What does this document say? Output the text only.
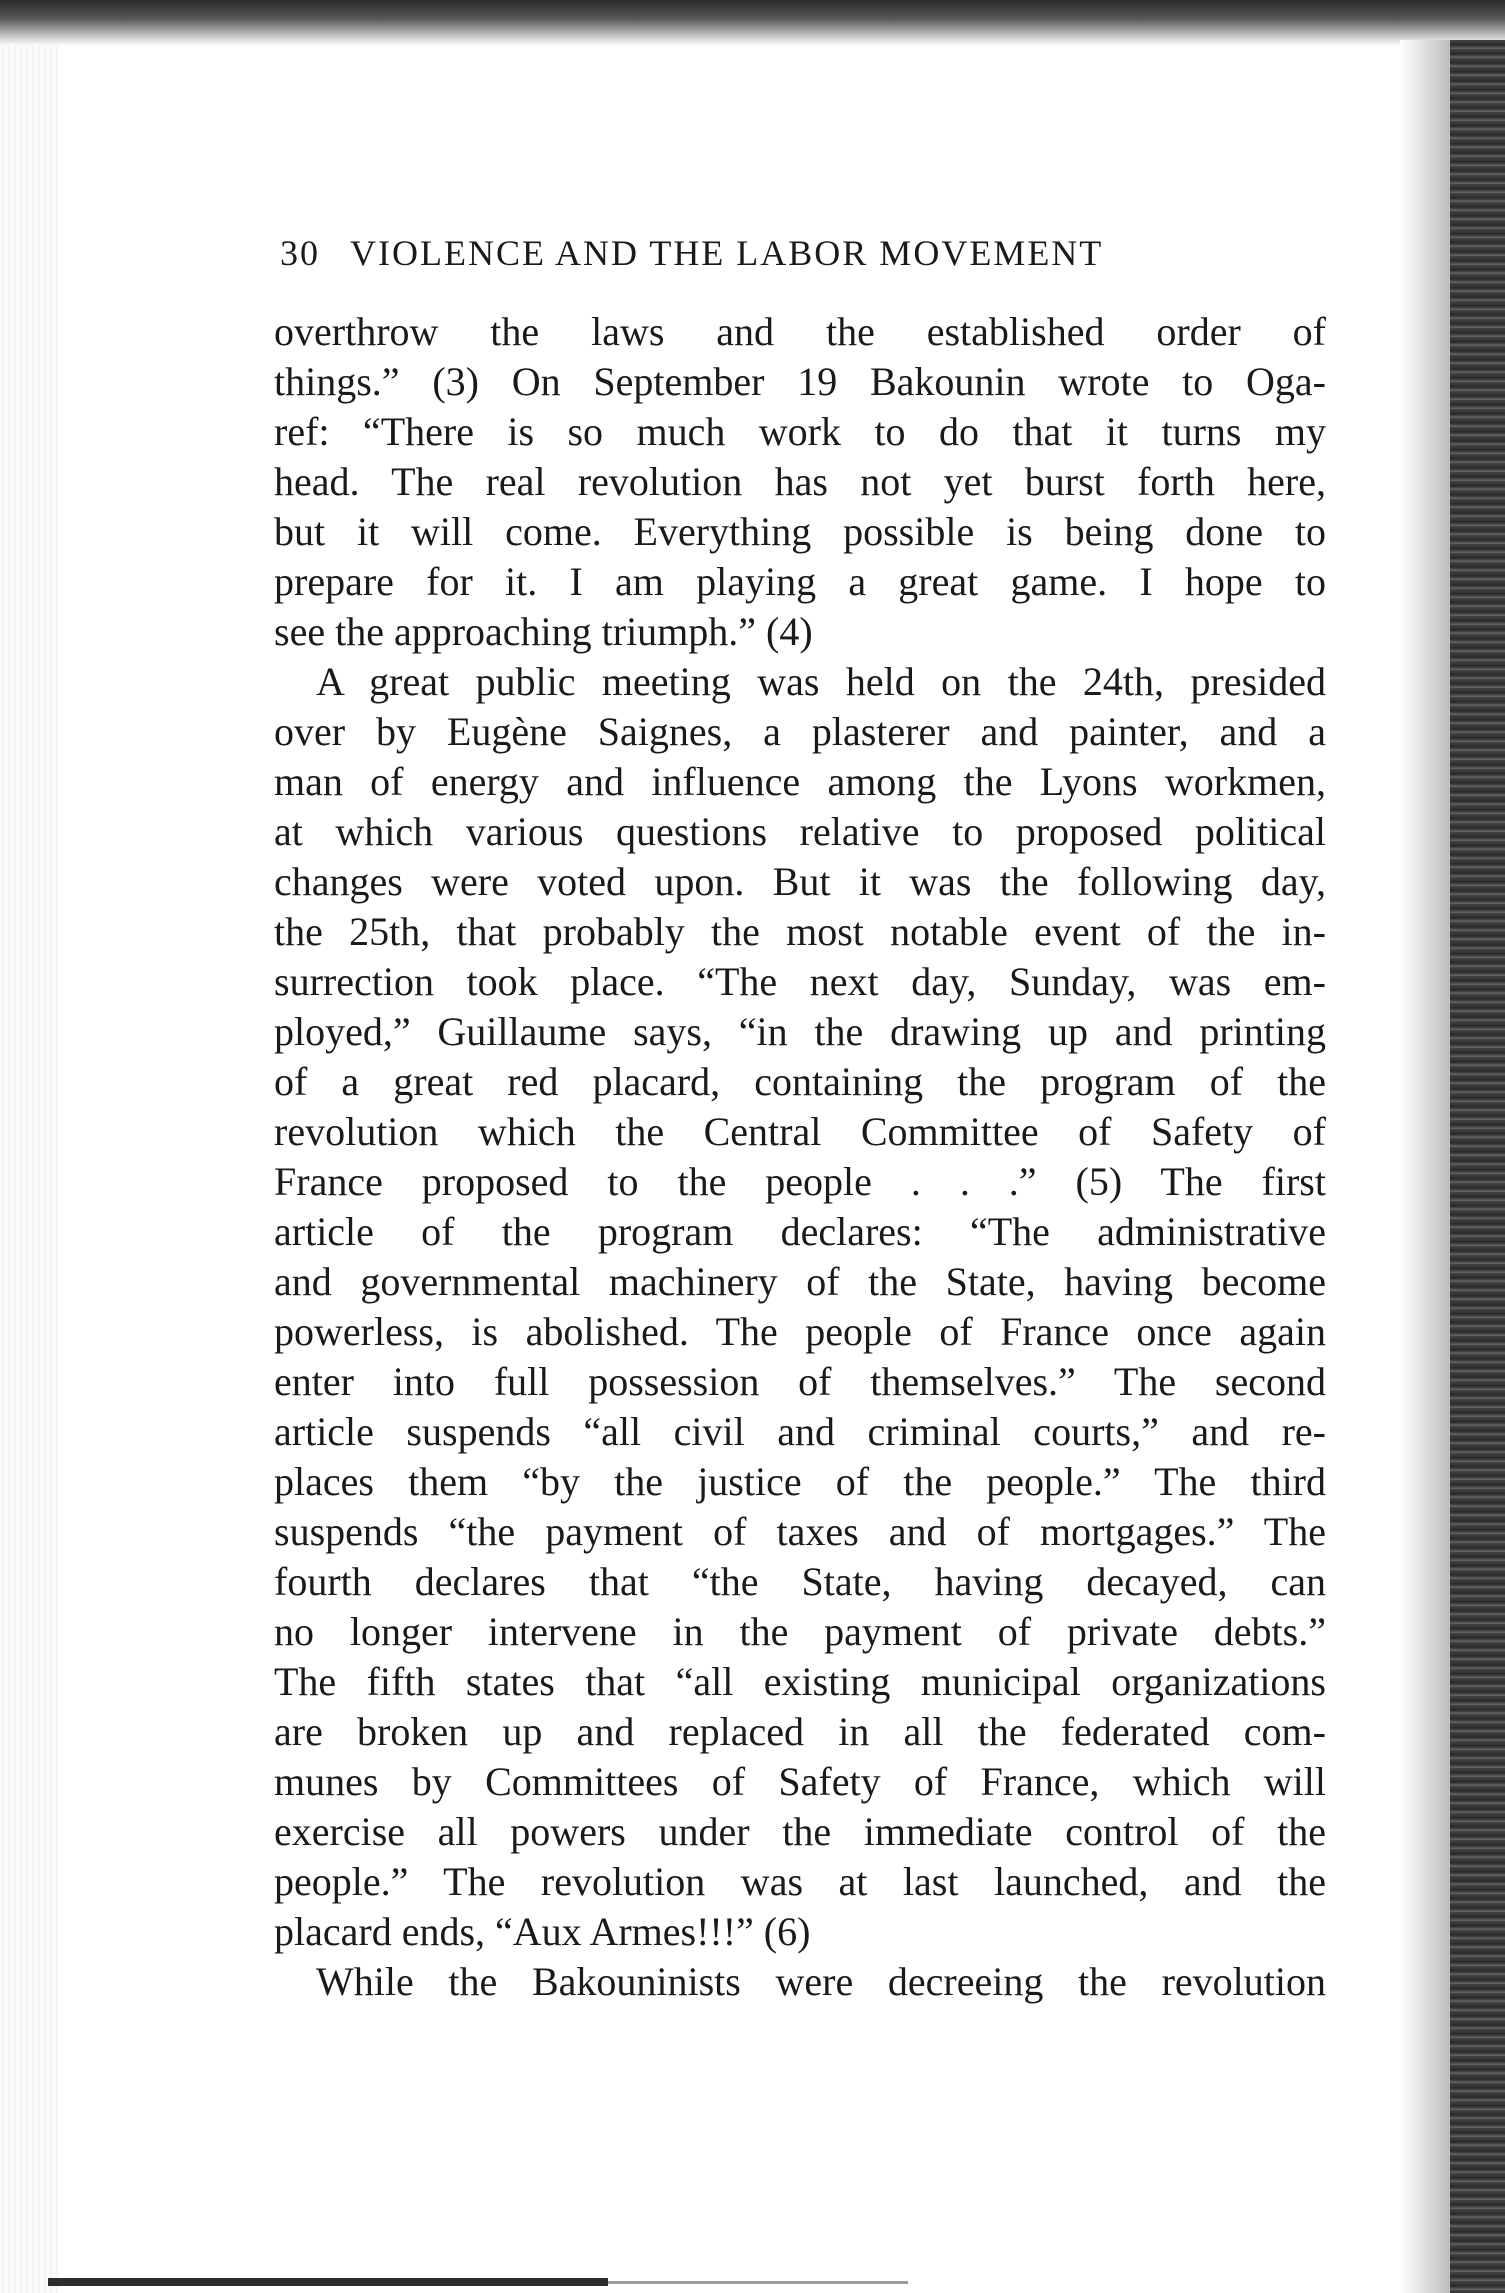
30 VIOLENCE AND THE LABOR MOVEMENT
overthrow the laws and the established order of
things.” (3) On September 19 Bakounin wrote to Oga-
ref: “There is so much work to do that it turns my
head. The real revolution has not yet burst forth here,
but it will come. Everything possible is being done to
prepare for it. I am playing a great game. I hope to
see the approaching triumph.” (4)
A great public meeting was held on the 24th, presided
over by Eugène Saignes, a plasterer and painter, and a
man of energy and influence among the Lyons workmen,
at which various questions relative to proposed political
changes were voted upon. But it was the following day,
the 25th, that probably the most notable event of the in-
surrection took place. “The next day, Sunday, was em-
ployed,” Guillaume says, “in the drawing up and printing
of a great red placard, containing the program of the
revolution which the Central Committee of Safety of
France proposed to the people . . .” (5) The first
article of the program declares: “The administrative
and governmental machinery of the State, having become
powerless, is abolished. The people of France once again
enter into full possession of themselves.” The second
article suspends “all civil and criminal courts,” and re-
places them “by the justice of the people.” The third
suspends “the payment of taxes and of mortgages.” The
fourth declares that “the State, having decayed, can
no longer intervene in the payment of private debts.”
The fifth states that “all existing municipal organizations
are broken up and replaced in all the federated com-
munes by Committees of Safety of France, which will
exercise all powers under the immediate control of the
people.” The revolution was at last launched, and the
placard ends, “Aux Armes!!!” (6)
While the Bakouninists were decreeing the revolution
